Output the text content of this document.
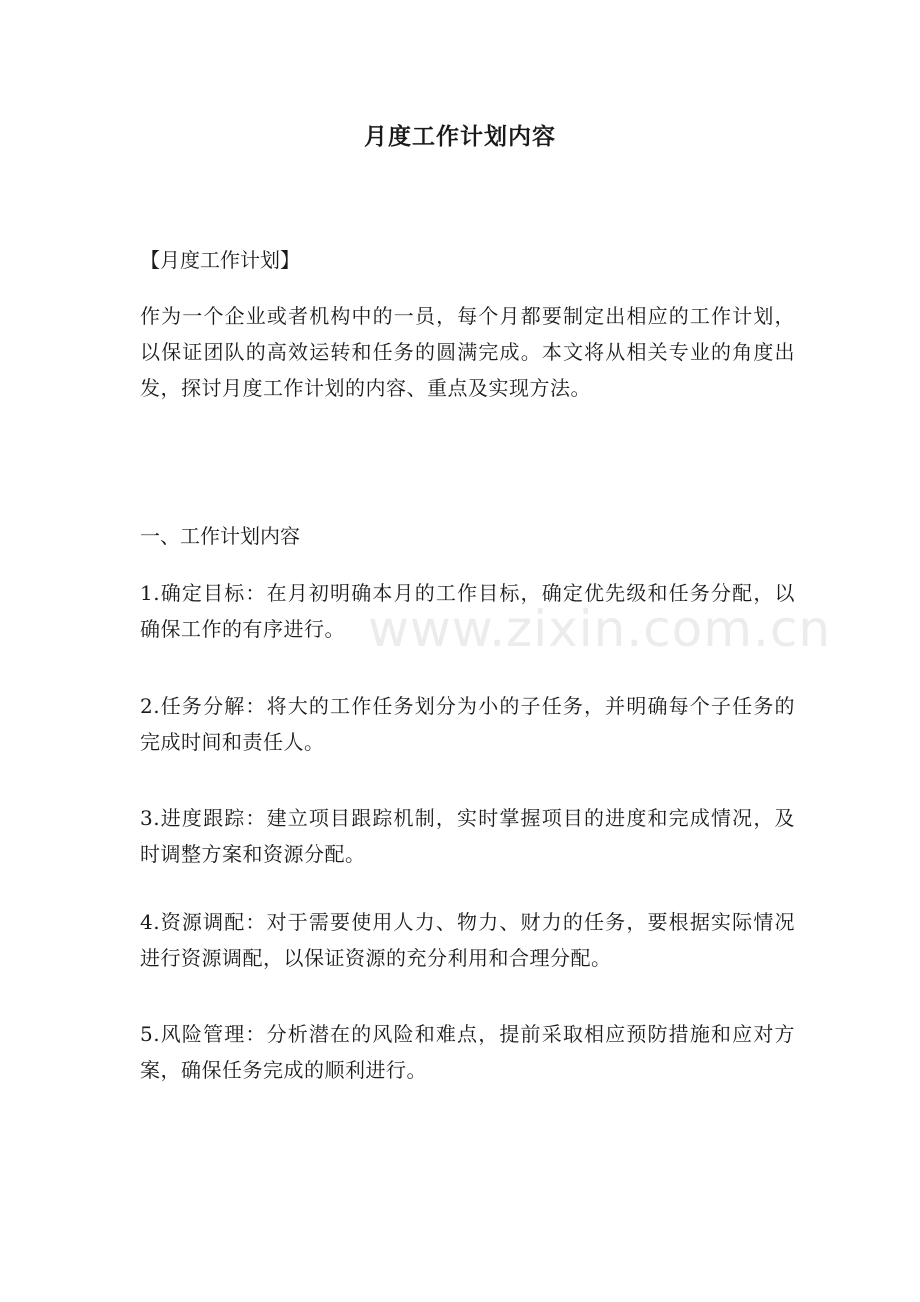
www.zixin.com.cn
月度工作计划内容
【月度工作计划】
作为一个企业或者机构中的一员，每个月都要制定出相应的工作计划，以保证团队的高效运转和任务的圆满完成。本文将从相关专业的角度出发，探讨月度工作计划的内容、重点及实现方法。
一、工作计划内容
1.确定目标：在月初明确本月的工作目标，确定优先级和任务分配，以确保工作的有序进行。
2.任务分解：将大的工作任务划分为小的子任务，并明确每个子任务的完成时间和责任人。
3.进度跟踪：建立项目跟踪机制，实时掌握项目的进度和完成情况，及时调整方案和资源分配。
4.资源调配：对于需要使用人力、物力、财力的任务，要根据实际情况进行资源调配，以保证资源的充分利用和合理分配。
5.风险管理：分析潜在的风险和难点，提前采取相应预防措施和应对方案，确保任务完成的顺利进行。
